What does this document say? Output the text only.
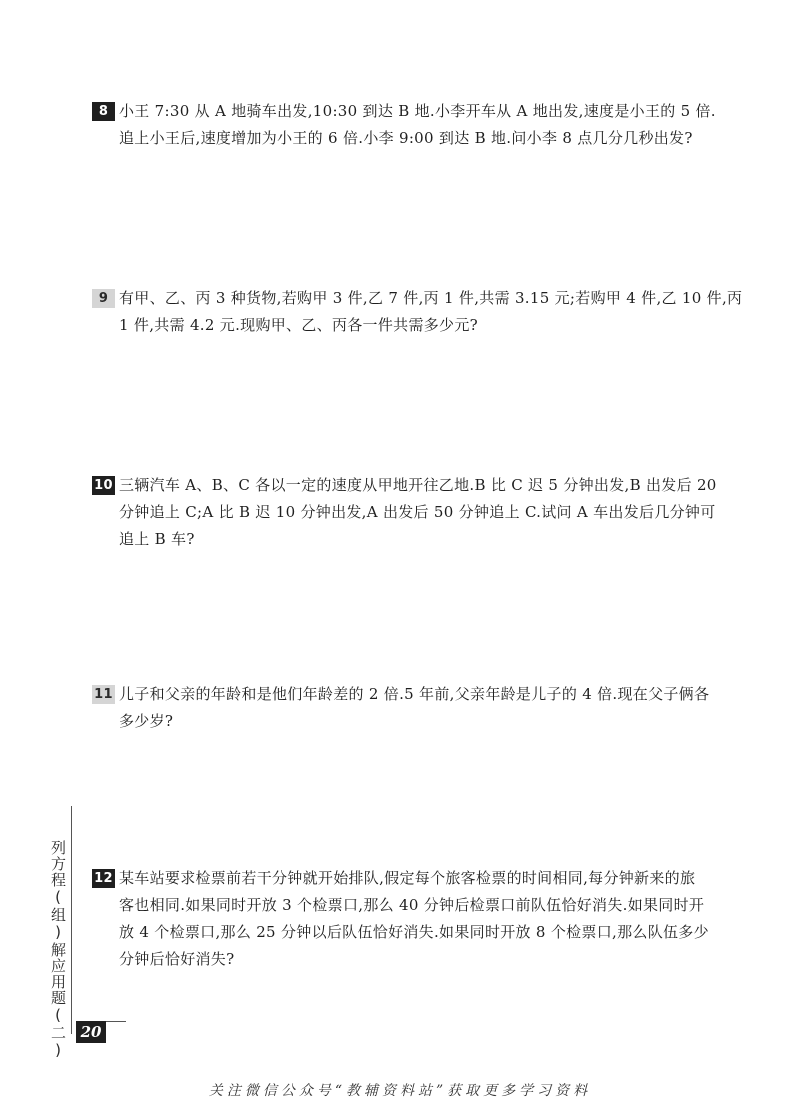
8 小王 7:30 从 A 地骑车出发,10:30 到达 B 地.小李开车从 A 地出发,速度是小王的 5 倍.
追上小王后,速度增加为小王的 6 倍.小李 9:00 到达 B 地.问小李 8 点几分几秒出发?
9 有甲、乙、丙 3 种货物,若购甲 3 件,乙 7 件,丙 1 件,共需 3.15 元;若购甲 4 件,乙 10 件,丙
1 件,共需 4.2 元.现购甲、乙、丙各一件共需多少元?
10 三辆汽车 A、B、C 各以一定的速度从甲地开往乙地.B 比 C 迟 5 分钟出发,B 出发后 20
分钟追上 C;A 比 B 迟 10 分钟出发,A 出发后 50 分钟追上 C.试问 A 车出发后几分钟可
追上 B 车?
11 儿子和父亲的年龄和是他们年龄差的 2 倍.5 年前,父亲年龄是儿子的 4 倍.现在父子俩各
多少岁?
12 某车站要求检票前若干分钟就开始排队,假定每个旅客检票的时间相同,每分钟新来的旅
客也相同.如果同时开放 3 个检票口,那么 40 分钟后检票口前队伍恰好消失.如果同时开
放 4 个检票口,那么 25 分钟以后队伍恰好消失.如果同时开放 8 个检票口,那么队伍多少
分钟后恰好消失?
列方程(组)解应用题(二) 20
关注微信公众号“教辅资料站”获取更多学习资料
